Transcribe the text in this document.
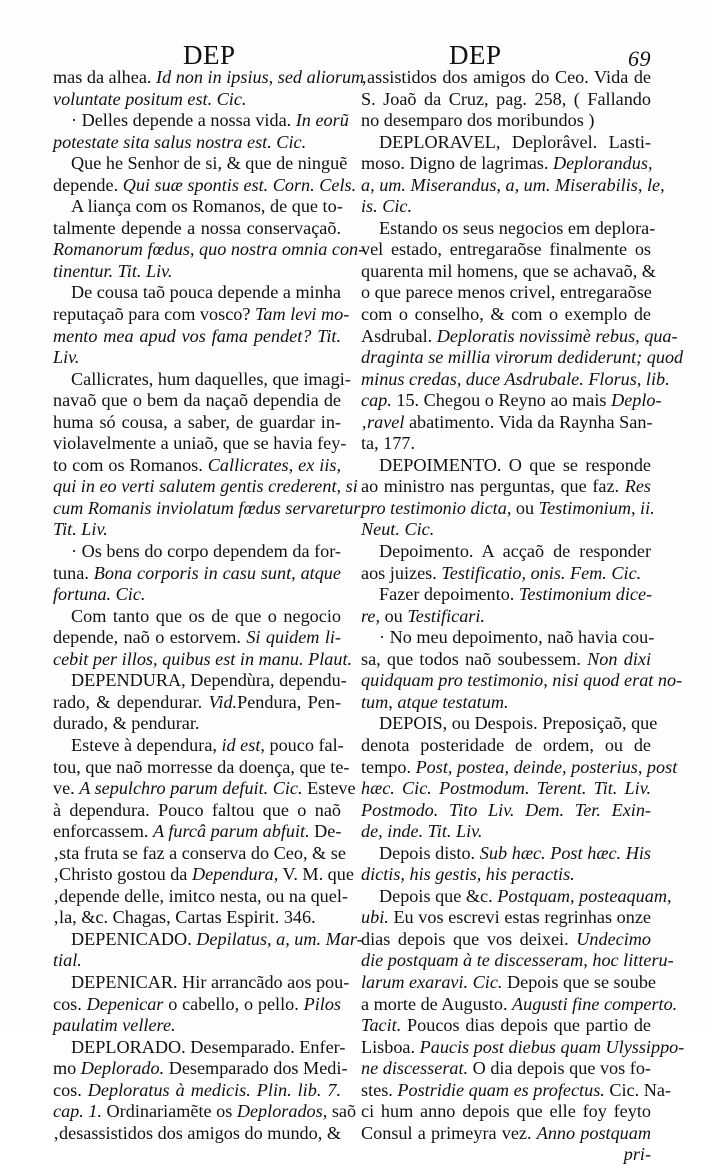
DEP	DEP	69
mas da alhea. Id non in ipsius, sed aliorum
voluntate positum est. Cic.
· Delles depende a nossa vida. In eorũ
potestate sita salus nostra est. Cic.
Que he Senhor de si, & que de ninguẽ
depende. Qui suæ spontis est. Corn. Cels.
A liança com os Romanos, de que to-
talmente depende a nossa conservaçaõ.
Romanorum fœdus, quo nostra omnia con-
tinentur. Tit. Liv.
De cousa taõ pouca depende a minha
reputaçaõ para com vosco? Tam levi mo-
mento mea apud vos fama pendet? Tit.
Liv.
Callicrates, hum daquelles, que imagi-
navaõ que o bem da naçaõ dependia de
huma só cousa, a saber, de guardar in-
violavelmente a uniaõ, que se havia fey-
to com os Romanos. Callicrates, ex iis,
qui in eo verti salutem gentis crederent, si
cum Romanis inviolatum fœdus servaretur
Tit. Liv.
· Os bens do corpo dependem da for-
tuna. Bona corporis in casu sunt, atque
fortuna. Cic.
Com tanto que os de que o negocio
depende, naõ o estorvem. Si quidem li-
cebit per illos, quibus est in manu. Plaut.
DEPENDURA, Dependùra, dependu-
rado, & dependurar. Vid.Pendura, Pen-
durado, & pendurar.
Esteve à dependura, id est, pouco fal-
tou, que naõ morresse da doença, que te-
ve. A sepulchro parum defuit. Cic. Esteve
à dependura. Pouco faltou que o naõ
enforcassem. A furcâ parum abfuit. De-
‚sta fruta se faz a conserva do Ceo, & se
‚Christo gostou da Dependura, V. M. que
‚depende delle, imitco nesta, ou na quel-
‚la, &c. Chagas, Cartas Espirit. 346.
DEPENICADO. Depilatus, a, um. Mar-
tial.
DEPENICAR. Hir arrancãdo aos pou-
cos. Depenicar o cabello, o pello. Pilos
paulatim vellere.
DEPLORADO. Desemparado. Enfer-
mo Deplorado. Desemparado dos Medi-
cos. Deploratus à medicis. Plin. lib. 7.
cap. 1. Ordinariamẽte os Deplorados, saõ
‚desassistidos dos amigos do mundo, &
‚assistidos dos amigos do Ceo. Vida de
S. Joaõ da Cruz, pag. 258, ( Fallando
no desemparo dos moribundos )
DEPLORAVEL, Deplorâvel. Lasti-
moso. Digno de lagrimas. Deplorandus,
a, um. Miserandus, a, um. Miserabilis, le,
is. Cic.
Estando os seus negocios em deplora-
vel estado, entregaraõse finalmente os
quarenta mil homens, que se achavaõ, &
o que parece menos crivel, entregaraõse
com o conselho, & com o exemplo de
Asdrubal. Deploratis novissimè rebus, qua-
draginta se millia virorum dediderunt; quod
minus credas, duce Asdrubale. Florus, lib.
cap. 15. Chegou o Reyno ao mais Deplo-
‚ravel abatimento. Vida da Raynha San-
ta, 177.
DEPOIMENTO. O que se responde
ao ministro nas perguntas, que faz. Res
pro testimonio dicta, ou Testimonium, ii.
Neut. Cic.
Depoimento. A acçaõ de responder
aos juizes. Testificatio, onis. Fem. Cic.
Fazer depoimento. Testimonium dice-
re, ou Testificari.
· No meu depoimento, naõ havia cou-
sa, que todos naõ soubessem. Non dixi
quidquam pro testimonio, nisi quod erat no-
tum, atque testatum.
DEPOIS, ou Despois. Preposiçaõ, que
denota posteridade de ordem, ou de
tempo. Post, postea, deinde, posterius, post
hæc. Cic. Postmodum. Terent. Tit. Liv.
Postmodo. Tito Liv. Dem. Ter. Exin-
de, inde. Tit. Liv.
Depois disto. Sub hæc. Post hæc. His
dictis, his gestis, his peractis.
Depois que &c. Postquam, posteaquam,
ubi. Eu vos escrevi estas regrinhas onze
dias depois que vos deixei. Undecimo
die postquam à te discesseram, hoc litteru-
larum exaravi. Cic. Depois que se soube
a morte de Augusto. Augusti fine comperto.
Tacit. Poucos dias depois que partio de
Lisboa. Paucis post diebus quam Ulyssippo-
ne discesserat. O dia depois que vos fo-
stes. Postridie quam es profectus. Cic. Na-
ci hum anno depois que elle foy feyto
Consul a primeyra vez. Anno postquam
pri-
